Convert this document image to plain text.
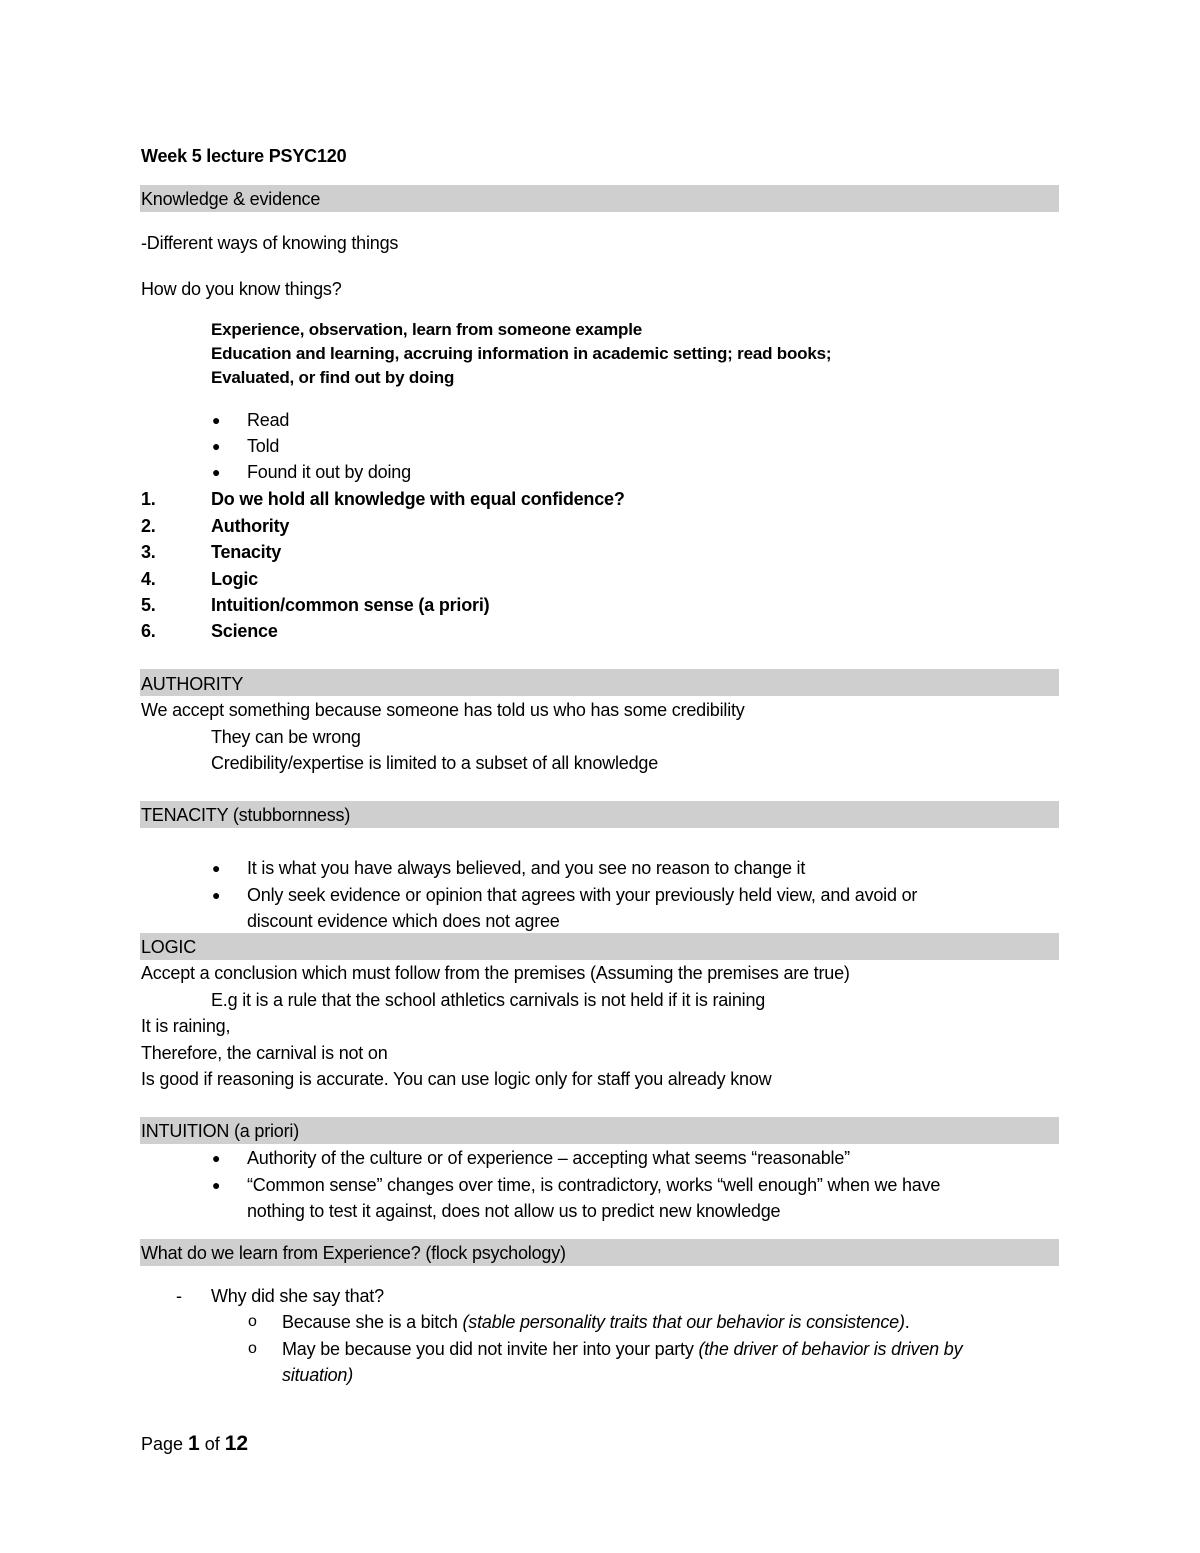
Week 5 lecture PSYC120
Knowledge & evidence
-Different ways of knowing things
How do you know things?
Experience, observation, learn from someone example
Education and learning, accruing information in academic setting; read books;
Evaluated, or find out by doing
● Read
● Told
● Found it out by doing
1.	Do we hold all knowledge with equal confidence?
2.	Authority
3.	Tenacity
4.	Logic
5.	Intuition/common sense (a priori)
6.	Science
AUTHORITY
We accept something because someone has told us who has some credibility
They can be wrong
Credibility/expertise is limited to a subset of all knowledge
TENACITY (stubbornness)
● It is what you have always believed, and you see no reason to change it
● Only seek evidence or opinion that agrees with your previously held view, and avoid or
discount evidence which does not agree
LOGIC
Accept a conclusion which must follow from the premises (Assuming the premises are true)
E.g it is a rule that the school athletics carnivals is not held if it is raining
It is raining,
Therefore, the carnival is not on
Is good if reasoning is accurate. You can use logic only for staff you already know
INTUITION (a priori)
● Authority of the culture or of experience – accepting what seems “reasonable”
● “Common sense” changes over time, is contradictory, works “well enough” when we have
nothing to test it against, does not allow us to predict new knowledge
What do we learn from Experience? (flock psychology)
- Why did she say that?
o Because she is a bitch (stable personality traits that our behavior is consistence).
o May be because you did not invite her into your party (the driver of behavior is driven by
situation)
Page 1 of 12
